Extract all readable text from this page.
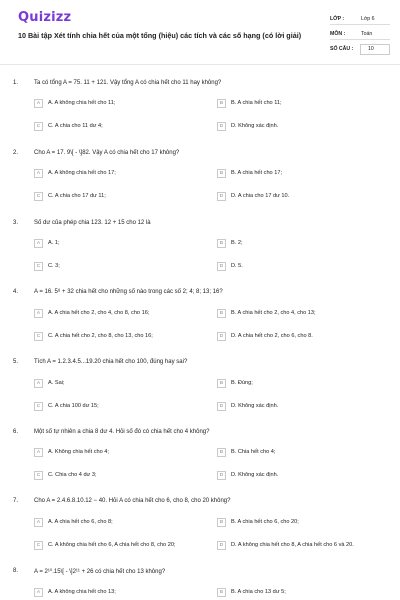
Quizizz
10 Bài tập Xét tính chia hết của một tổng (hiệu) các tích và các số hạng (có lời giải)
LỚP :	Lớp 6
MÔN :	Toán
SỐ CÂU :	10
1.	Ta có tổng A = 75. 11 + 121. Vậy tổng A có chia hết cho 11 hay không?
A	A. A không chia hết cho 11;	B	B. A chia hết cho 11;
C	C. A chia cho 11 dư 4;	D	D. Không xác định.
2.	Cho A = 17. 9\[ - \]82. Vậy A có chia hết cho 17 không?
A	A. A không chia hết cho 17;	B	B. A chia hết cho 17;
C	C. A chia cho 17 dư 11;	D	D. A chia cho 17 dư 10.
3.	Số dư của phép chia 123. 12 + 15 cho 12 là
A	A. 1;	B	B. 2;
C	C. 3;	D	D. 5.
4.	A = 16. 5⁸ + 32 chia hết cho những số nào trong các số 2; 4; 8; 13; 16?
A	A. A chia hết cho 2, cho 4, cho 8, cho 16;	B	B. A chia hết cho 2, cho 4, cho 13;
C	C. A chia hết cho 2, cho 8, cho 13, cho 16;	D	D. A chia hết cho 2, cho 6, cho 8.
5.	Tích A = 1.2.3.4.5...19.20 chia hết cho 100, đúng hay sai?
A	A. Sai;	B	B. Đúng;
C	C. A chia 100 dư 15;	D	D. Không xác định.
6.	Một số tự nhiên a chia 8 dư 4. Hỏi số đó có chia hết cho 4 không?
A	A. Không chia hết cho 4;	B	B. Chia hết cho 4;
C	C. Chia cho 4 dư 3;	D	D. Không xác định.
7.	Cho A = 2.4.6.8.10.12 − 40. Hỏi A có chia hết cho 6, cho 8, cho 20 không?
A	A. A chia hết cho 6, cho 8;	B	B. A chia hết cho 6, cho 20;
C	C. A không chia hết cho 6, A chia hết cho 8, cho 20;	D	D. A không chia hết cho 8, A chia hết cho 6 và 20.
8.	A = 2¹⁰.15\[ - \]2¹¹ + 26 có chia hết cho 13 không?
A	A. A không chia hết cho 13;	B	B. A chia cho 13 dư 5;
